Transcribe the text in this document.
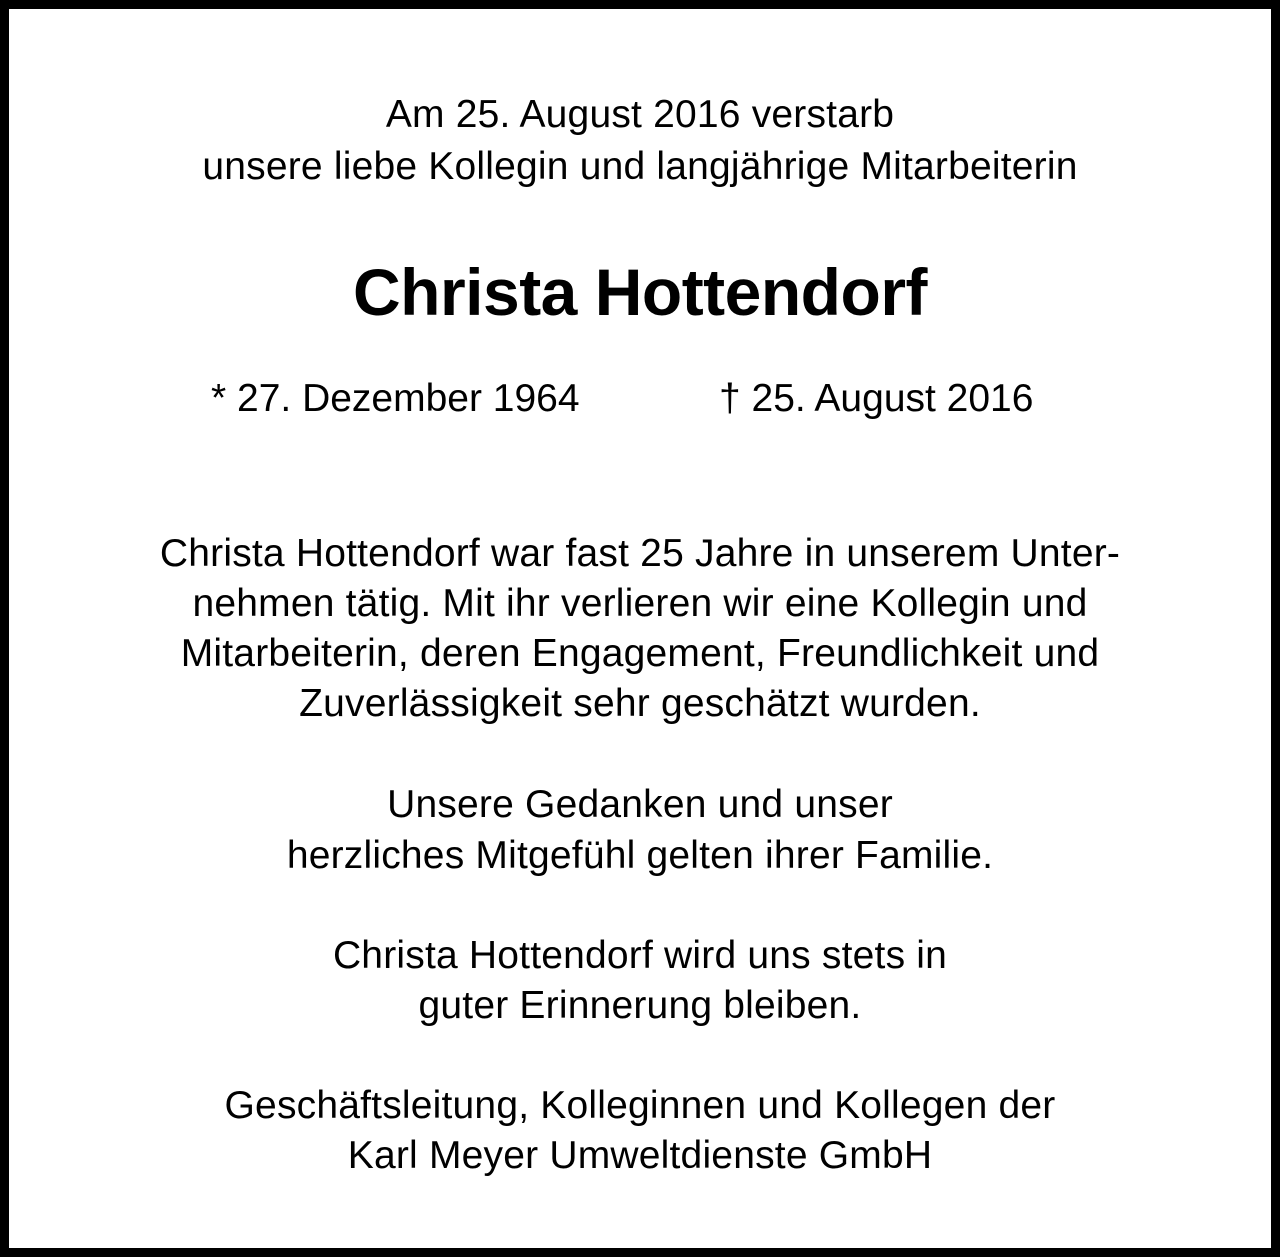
Am 25. August 2016 verstarb
unsere liebe Kollegin und langjährige Mitarbeiterin
Christa Hottendorf
* 27. Dezember 1964	† 25. August 2016
Christa Hottendorf war fast 25 Jahre in unserem Unter-
nehmen tätig. Mit ihr verlieren wir eine Kollegin und
Mitarbeiterin, deren Engagement, Freundlichkeit und
Zuverlässigkeit sehr geschätzt wurden.
Unsere Gedanken und unser
herzliches Mitgefühl gelten ihrer Familie.
Christa Hottendorf wird uns stets in
guter Erinnerung bleiben.
Geschäftsleitung, Kolleginnen und Kollegen der
Karl Meyer Umweltdienste GmbH
